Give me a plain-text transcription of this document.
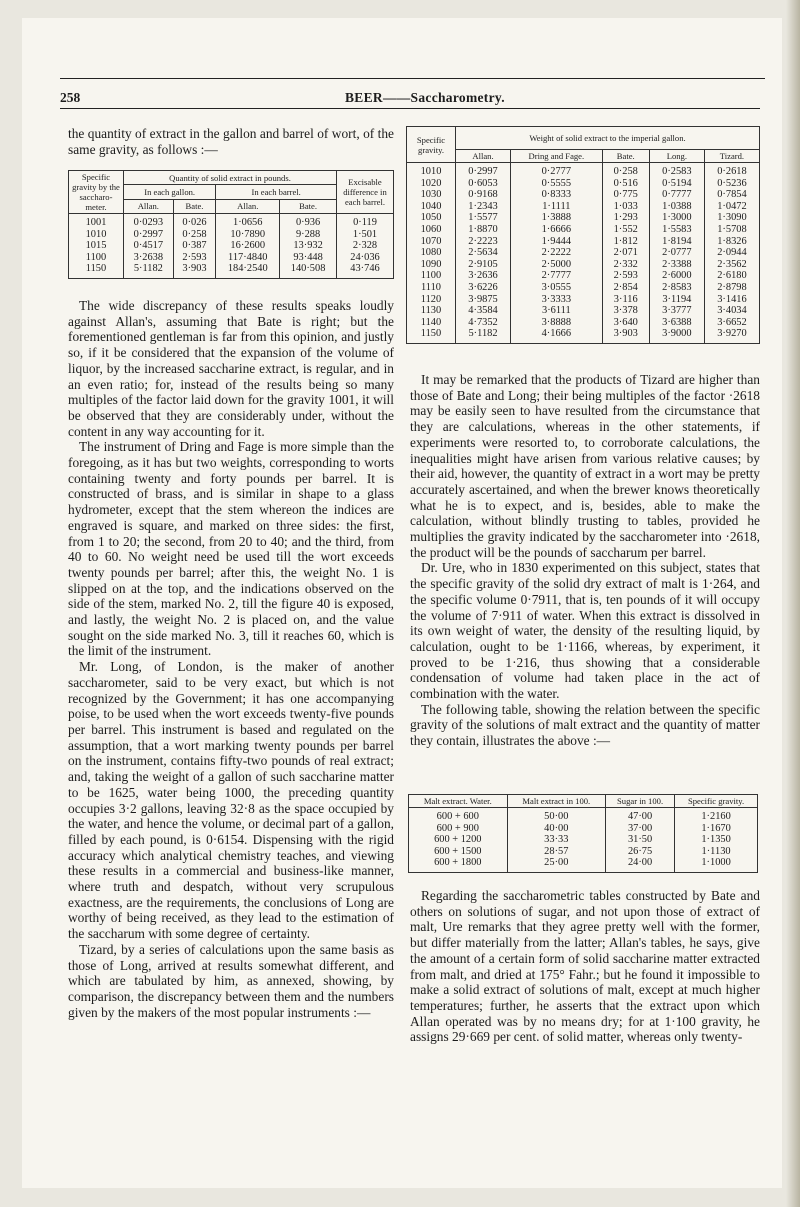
258	BEER——Saccharometry.

the quantity of extract in the gallon and barrel of wort, of the same gravity, as follows :—

Specific gravity by the saccharo-meter.	Quantity of solid extract in pounds.				Excisable difference in each barrel.
	In each gallon.		In each barrel.		
	Allan.	Bate.	Allan.	Bate.	
1001	0·0293	0·026	1·0656	0·936	0·119
1010	0·2997	0·258	10·7890	9·288	1·501
1015	0·4517	0·387	16·2600	13·932	2·328
1100	3·2638	2·593	117·4840	93·448	24·036
1150	5·1182	3·903	184·2540	140·508	43·746

The wide discrepancy of these results speaks loudly against Allan's, assuming that Bate is right; but the forementioned gentleman is far from this opinion, and justly so, if it be considered that the expansion of the volume of liquor, by the increased saccharine extract, is regular, and in an even ratio; for, instead of the results being so many multiples of the factor laid down for the gravity 1001, it will be observed that they are considerably under, without the content in any way accounting for it.

The instrument of Dring and Fage is more simple than the foregoing, as it has but two weights, corresponding to worts containing twenty and forty pounds per barrel. It is constructed of brass, and is similar in shape to a glass hydrometer, except that the stem whereon the indices are engraved is square, and marked on three sides: the first, from 1 to 20; the second, from 20 to 40; and the third, from 40 to 60. No weight need be used till the wort exceeds twenty pounds per barrel; after this, the weight No. 1 is slipped on at the top, and the indications observed on the side of the stem, marked No. 2, till the figure 40 is exposed, and lastly, the weight No. 2 is placed on, and the value sought on the side marked No. 3, till it reaches 60, which is the limit of the instrument.

Mr. Long, of London, is the maker of another saccharometer, said to be very exact, but which is not recognized by the Government; it has one accompanying poise, to be used when the wort exceeds twenty-five pounds per barrel. This instrument is based and regulated on the assumption, that a wort marking twenty pounds per barrel on the instrument, contains fifty-two pounds of real extract; and, taking the weight of a gallon of such saccharine matter to be 1625, water being 1000, the preceding quantity occupies 3·2 gallons, leaving 32·8 as the space occupied by the water, and hence the volume, or decimal part of a gallon, filled by each pound, is 0·6154. Dispensing with the rigid accuracy which analytical chemistry teaches, and viewing these results in a commercial and business-like manner, where truth and despatch, without very scrupulous exactness, are the requirements, the conclusions of Long are worthy of being received, as they lead to the estimation of the saccharum with some degree of certainty.

Tizard, by a series of calculations upon the same basis as those of Long, arrived at results somewhat different, and which are tabulated by him, as annexed, showing, by comparison, the discrepancy between them and the numbers given by the makers of the most popular instruments :—

Specific gravity.	Weight of solid extract to the imperial gallon.				
	Allan.	Dring and Fage.	Bate.	Long.	Tizard.
1010	0·2997	0·2777	0·258	0·2583	0·2618
1020	0·6053	0·5555	0·516	0·5194	0·5236
1030	0·9168	0·8333	0·775	0·7777	0·7854
1040	1·2343	1·1111	1·033	1·0388	1·0472
1050	1·5577	1·3888	1·293	1·3000	1·3090
1060	1·8870	1·6666	1·552	1·5583	1·5708
1070	2·2223	1·9444	1·812	1·8194	1·8326
1080	2·5634	2·2222	2·071	2·0777	2·0944
1090	2·9105	2·5000	2·332	2·3388	2·3562
1100	3·2636	2·7777	2·593	2·6000	2·6180
1110	3·6226	3·0555	2·854	2·8583	2·8798
1120	3·9875	3·3333	3·116	3·1194	3·1416
1130	4·3584	3·6111	3·378	3·3777	3·4034
1140	4·7352	3·8888	3·640	3·6388	3·6652
1150	5·1182	4·1666	3·903	3·9000	3·9270

It may be remarked that the products of Tizard are higher than those of Bate and Long; their being multiples of the factor ·2618 may be easily seen to have resulted from the circumstance that they are calculations, whereas in the other statements, if experiments were resorted to, to corroborate calculations, the inequalities might have arisen from various relative causes; by their aid, however, the quantity of extract in a wort may be pretty accurately ascertained, and when the brewer knows theoretically what he is to expect, and is, besides, able to make the calculation, without blindly trusting to tables, provided he multiplies the gravity indicated by the saccharometer into ·2618, the product will be the pounds of saccharum per barrel.

Dr. Ure, who in 1830 experimented on this subject, states that the specific gravity of the solid dry extract of malt is 1·264, and the specific volume 0·7911, that is, ten pounds of it will occupy the volume of 7·911 of water. When this extract is dissolved in its own weight of water, the density of the resulting liquid, by calculation, ought to be 1·1166, whereas, by experiment, it proved to be 1·216, thus showing that a considerable condensation of volume had taken place in the act of combination with the water.

The following table, showing the relation between the specific gravity of the solutions of malt extract and the quantity of matter they contain, illustrates the above :—

Malt extract. Water.	Malt extract in 100.	Sugar in 100.	Specific gravity.
600 + 600	50·00	47·00	1·2160
600 + 900	40·00	37·00	1·1670
600 + 1200	33·33	31·50	1·1350
600 + 1500	28·57	26·75	1·1130
600 + 1800	25·00	24·00	1·1000

Regarding the saccharometric tables constructed by Bate and others on solutions of sugar, and not upon those of extract of malt, Ure remarks that they agree pretty well with the former, but differ materially from the latter; Allan's tables, he says, give the amount of a certain form of solid saccharine matter extracted from malt, and dried at 175° Fahr.; but he found it impossible to make a solid extract of solutions of malt, except at much higher temperatures; further, he asserts that the extract upon which Allan operated was by no means dry; for at 1·100 gravity, he assigns 29·669 per cent. of solid matter, whereas only twenty-
